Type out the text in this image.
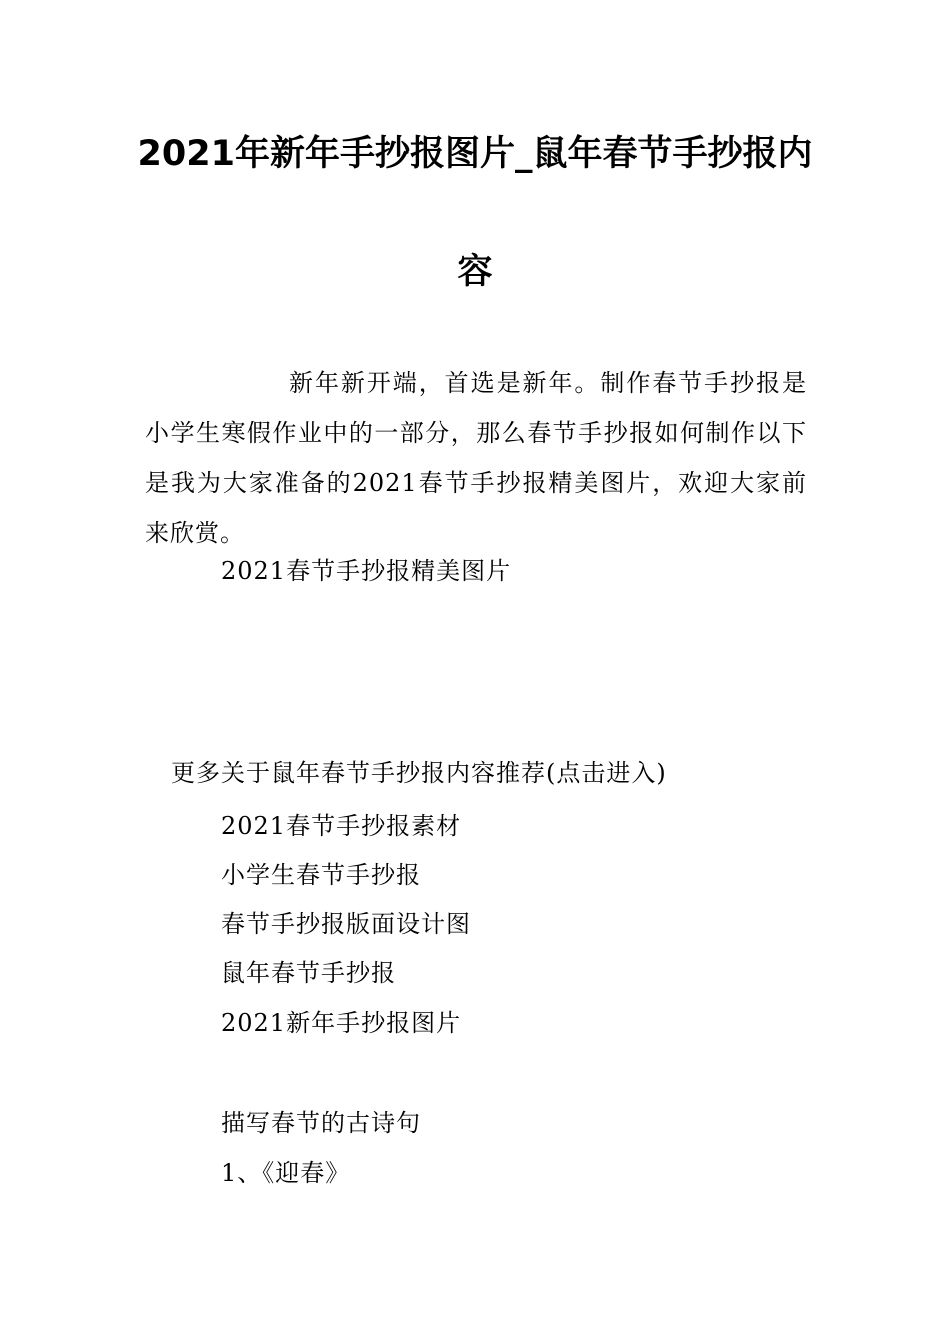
2021年新年手抄报图片_鼠年春节手抄报内
容

新年新开端，首选是新年。制作春节手抄报是小学生寒假作业中的一部分，那么春节手抄报如何制作以下是我为大家准备的2021春节手抄报精美图片，欢迎大家前来欣赏。

2021春节手抄报精美图片

更多关于鼠年春节手抄报内容推荐(点击进入)

2021春节手抄报素材

小学生春节手抄报

春节手抄报版面设计图

鼠年春节手抄报

2021新年手抄报图片

描写春节的古诗句

1、《迎春》
